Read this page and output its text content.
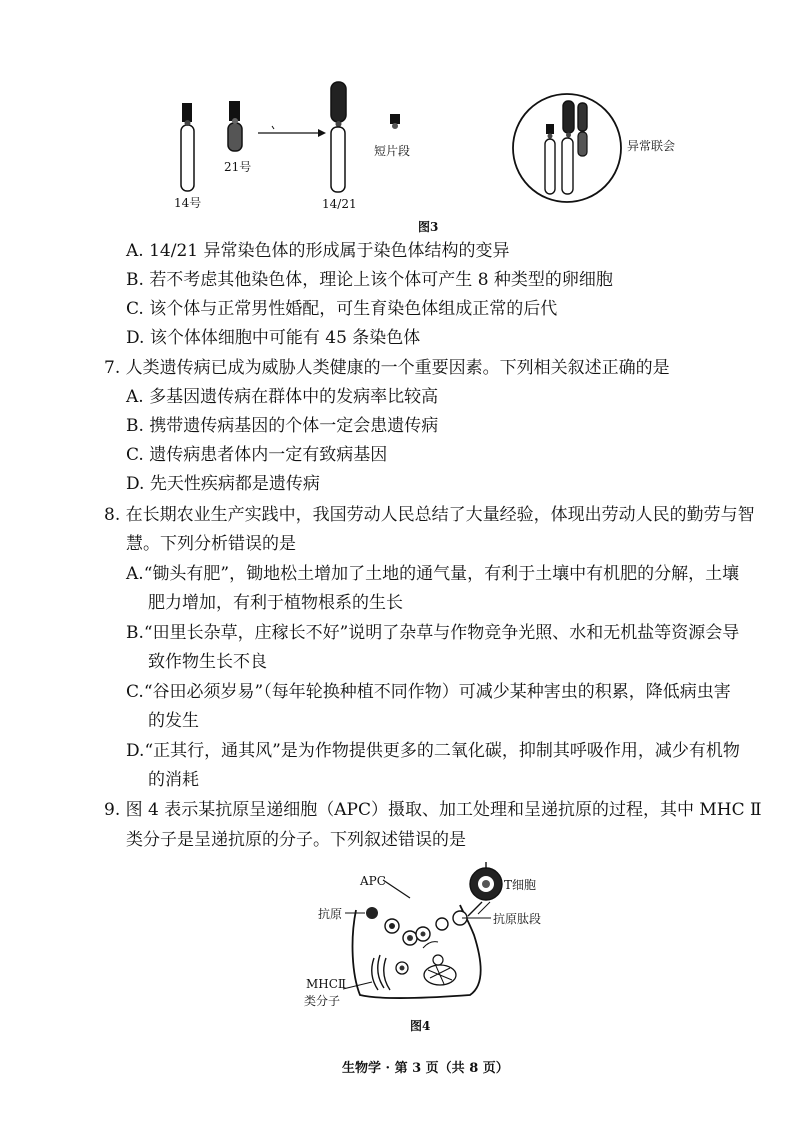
14号
21号
14/21
短片段	异常联会
图3
A. 14/21 异常染色体的形成属于染色体结构的变异
B. 若不考虑其他染色体，理论上该个体可产生 8 种类型的卵细胞
C. 该个体与正常男性婚配，可生育染色体组成正常的后代
D. 该个体体细胞中可能有 45 条染色体
7. 人类遗传病已成为威胁人类健康的一个重要因素。下列相关叙述正确的是
A. 多基因遗传病在群体中的发病率比较高
B. 携带遗传病基因的个体一定会患遗传病
C. 遗传病患者体内一定有致病基因
D. 先天性疾病都是遗传病
8. 在长期农业生产实践中，我国劳动人民总结了大量经验，体现出劳动人民的勤劳与智
慧。下列分析错误的是
A.“锄头有肥”，锄地松土增加了土地的通气量，有利于土壤中有机肥的分解，土壤
肥力增加，有利于植物根系的生长
B.“田里长杂草，庄稼长不好”说明了杂草与作物竞争光照、水和无机盐等资源会导
致作物生长不良
C.“谷田必须岁易”（每年轮换种植不同作物）可减少某种害虫的积累，降低病虫害
的发生
D.“正其行，通其风”是为作物提供更多的二氧化碳，抑制其呼吸作用，减少有机物
的消耗
9. 图 4 表示某抗原呈递细胞（APC）摄取、加工处理和呈递抗原的过程，其中 MHC Ⅱ
类分子是呈递抗原的分子。下列叙述错误的是
APC
抗原
T细胞
抗原肽段
MHCⅡ
类分子
图4
生物学 · 第 3 页（共 8 页）
